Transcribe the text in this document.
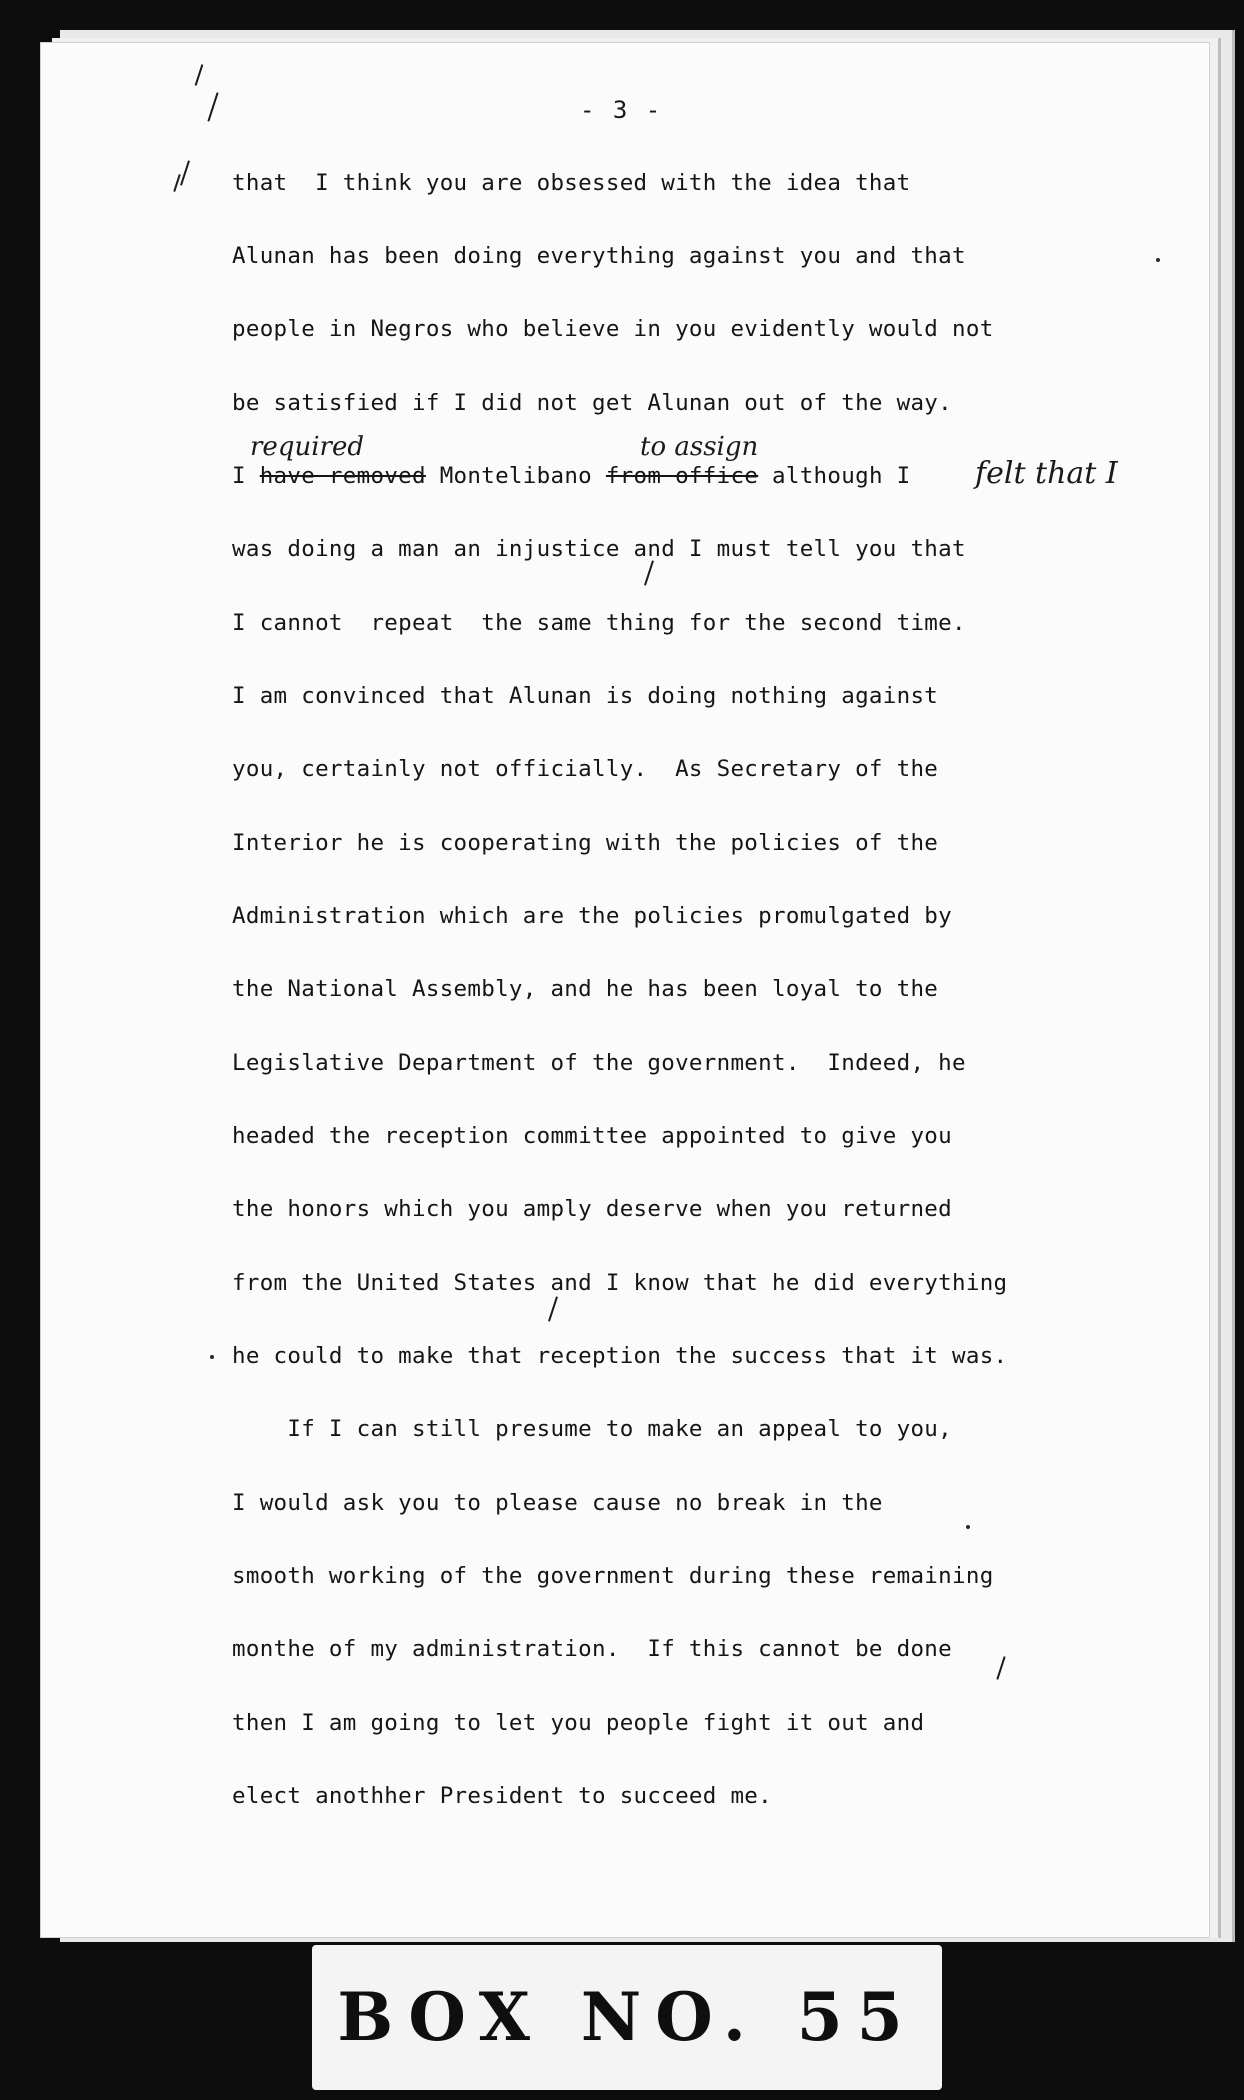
- 3 -
that  I think you are obsessed with the idea that
Alunan has been doing everything against you and that
people in Negros who believe in you evidently would not
be satisfied if I did not get Alunan out of the way.
I have removed Montelibano from office although I
required	to assign
felt that I
was doing a man an injustice and I must tell you that
I cannot  repeat  the same thing for the second time.
I am convinced that Alunan is doing nothing against
you, certainly not officially.  As Secretary of the
Interior he is cooperating with the policies of the
Administration which are the policies promulgated by
the National Assembly, and he has been loyal to the
Legislative Department of the government.  Indeed, he
headed the reception committee appointed to give you
the honors which you amply deserve when you returned
from the United States and I know that he did everything
he could to make that reception the success that it was.
If I can still presume to make an appeal to you,
I would ask you to please cause no break in the
smooth working of the government during these remaining
monthe of my administration.  If this cannot be done
then I am going to let you people fight it out and
elect anothher President to succeed me.
BOX NO. 55
